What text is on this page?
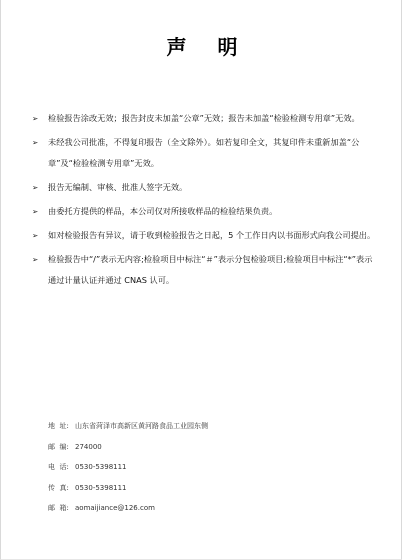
声 明
➢ 检验报告涂改无效；报告封皮未加盖“公章”无效；报告未加盖“检验检测专用章”无效。
➢ 未经我公司批准，不得复印报告（全文除外）。如若复印全文，其复印件未重新加盖“公章”及“检验检测专用章”无效。
➢ 报告无编制、审核、批准人签字无效。
➢ 由委托方提供的样品，本公司仅对所接收样品的检验结果负责。
➢ 如对检验报告有异议，请于收到检验报告之日起，5 个工作日内以书面形式向我公司提出。
➢ 检验报告中“/”表示无内容;检验项目中标注“＃”表示分包检验项目;检验项目中标注“*”表示通过计量认证并通过 CNAS 认可。
地  址: 山东省菏泽市高新区黄河路食品工业园东侧
邮  编: 274000
电  话: 0530-5398111
传  真: 0530-5398111
邮  箱: aomaijiance@126.com
